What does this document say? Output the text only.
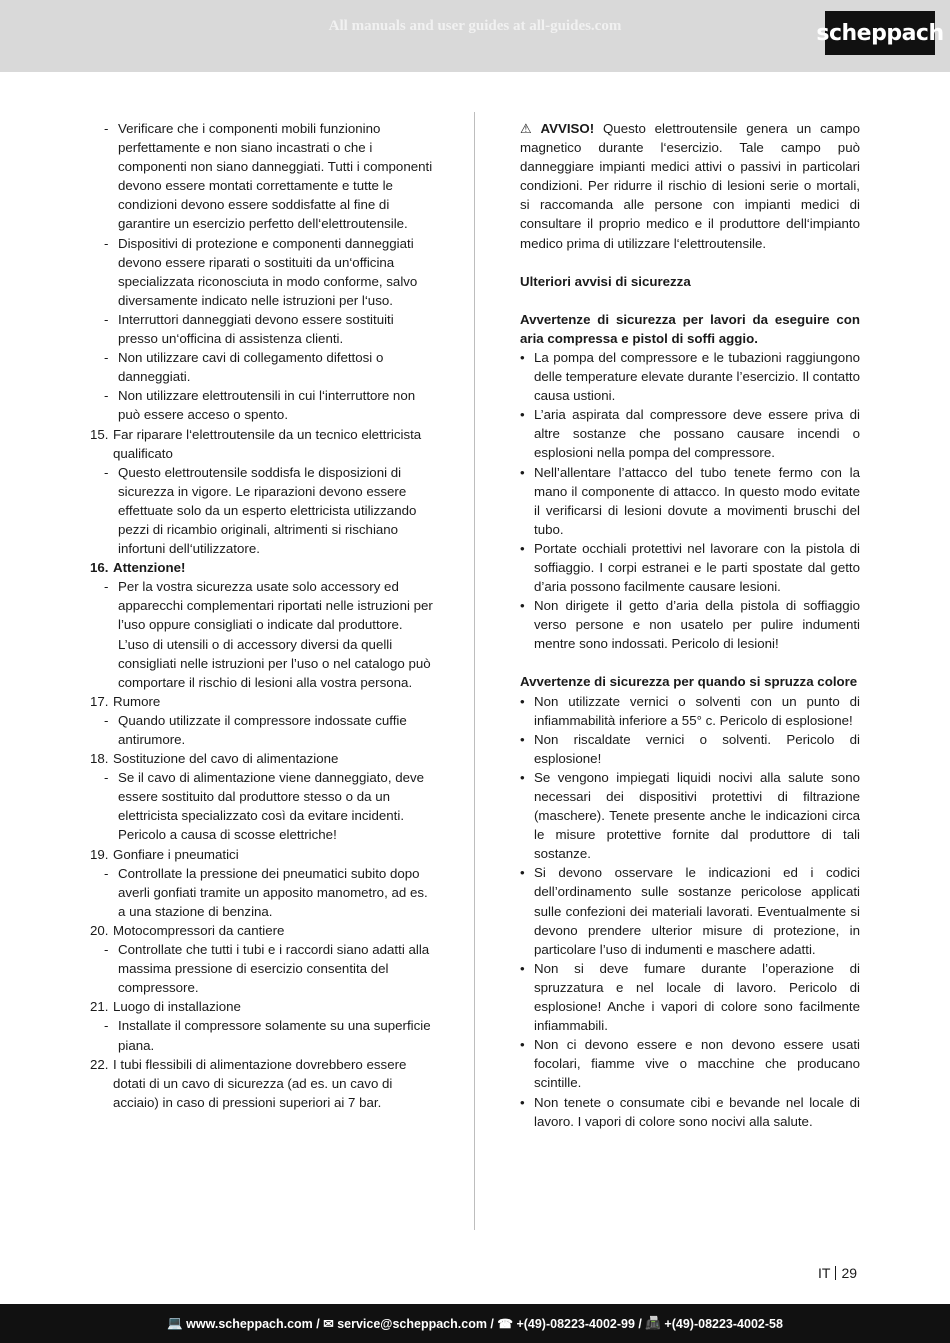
All manuals and user guides at all-guides.com	scheppach
- Verificare che i componenti mobili funzionino perfettamente e non siano incastrati o che i componenti non siano danneggiati. Tutti i componenti devono essere montati correttamente e tutte le condizioni devono essere soddisfatte al fine di garantire un esercizio perfetto dell‘elettroutensile.
- Dispositivi di protezione e componenti danneggiati devono essere riparati o sostituiti da un‘officina specializzata riconosciuta in modo conforme, salvo diversamente indicato nelle istruzioni per l‘uso.
- Interruttori danneggiati devono essere sostituiti presso un‘officina di assistenza clienti.
- Non utilizzare cavi di collegamento difettosi o danneggiati.
- Non utilizzare elettroutensili in cui l‘interruttore non può essere acceso o spento.
15. Far riparare l‘elettroutensile da un tecnico elettricista qualificato
- Questo elettroutensile soddisfa le disposizioni di sicurezza in vigore. Le riparazioni devono essere effettuate solo da un esperto elettricista utilizzando pezzi di ricambio originali, altrimenti si rischiano infortuni dell‘utilizzatore.
16. Attenzione!
- Per la vostra sicurezza usate solo accessory ed apparecchi complementari riportati nelle istruzioni per l’uso oppure consigliati o indicate dal produttore. L’uso di utensili o di accessory diversi da quelli consigliati nelle istruzioni per l’uso o nel catalogo può comportare il rischio di lesioni alla vostra persona.
17. Rumore
- Quando utilizzate il compressore indossate cuffie antirumore.
18. Sostituzione del cavo di alimentazione
- Se il cavo di alimentazione viene danneggiato, deve essere sostituito dal produttore stesso o da un elettricista specializzato così da evitare incidenti. Pericolo a causa di scosse elettriche!
19. Gonfiare i pneumatici
- Controllate la pressione dei pneumatici subito dopo averli gonfiati tramite un apposito manometro, ad es. a una stazione di benzina.
20. Motocompressori da cantiere
- Controllate che tutti i tubi e i raccordi siano adatti alla massima pressione di esercizio consentita del compressore.
21. Luogo di installazione
- Installate il compressore solamente su una superficie piana.
22. I tubi flessibili di alimentazione dovrebbero essere dotati di un cavo di sicurezza (ad es. un cavo di acciaio) in caso di pressioni superiori ai 7 bar.
⚠ AVVISO! Questo elettroutensile genera un campo magnetico durante l‘esercizio. Tale campo può danneggiare impianti medici attivi o passivi in particolari condizioni. Per ridurre il rischio di lesioni serie o mortali, si raccomanda alle persone con impianti medici di consultare il proprio medico e il produttore dell‘impianto medico prima di utilizzare l‘elettroutensile.
Ulteriori avvisi di sicurezza
Avvertenze di sicurezza per lavori da eseguire con aria compressa e pistol di soffi aggio.
• La pompa del compressore e le tubazioni raggiungono delle temperature elevate durante l’esercizio. Il contatto causa ustioni.
• L’aria aspirata dal compressore deve essere priva di altre sostanze che possano causare incendi o esplosioni nella pompa del compressore.
• Nell’allentare l’attacco del tubo tenete fermo con la mano il componente di attacco. In questo modo evitate il verificarsi di lesioni dovute a movimenti bruschi del tubo.
• Portate occhiali protettivi nel lavorare con la pistola di soffiaggio. I corpi estranei e le parti spostate dal getto d’aria possono facilmente causare lesioni.
• Non dirigete il getto d’aria della pistola di soffiaggio verso persone e non usatelo per pulire indumenti mentre sono indossati. Pericolo di lesioni!
Avvertenze di sicurezza per quando si spruzza colore
• Non utilizzate vernici o solventi con un punto di infiammabilità inferiore a 55° c. Pericolo di esplosione!
• Non riscaldate vernici o solventi. Pericolo di esplosione!
• Se vengono impiegati liquidi nocivi alla salute sono necessari dei dispositivi protettivi di filtrazione (maschere). Tenete presente anche le indicazioni circa le misure protettive fornite dal produttore di tali sostanze.
• Si devono osservare le indicazioni ed i codici dell’ordinamento sulle sostanze pericolose applicati sulle confezioni dei materiali lavorati. Eventualmente si devono prendere ulterior misure di protezione, in particolare l’uso di indumenti e maschere adatti.
• Non si deve fumare durante l’operazione di spruzzatura e nel locale di lavoro. Pericolo di esplosione! Anche i vapori di colore sono facilmente infiammabili.
• Non ci devono essere e non devono essere usati focolari, fiamme vive o macchine che producano scintille.
• Non tenete o consumate cibi e bevande nel locale di lavoro. I vapori di colore sono nocivi alla salute.
IT 29
💻
www.scheppach.com / ✉
service@scheppach.com / ☎
+(49)-08223-4002-99 / 📠
+(49)-08223-4002-58
